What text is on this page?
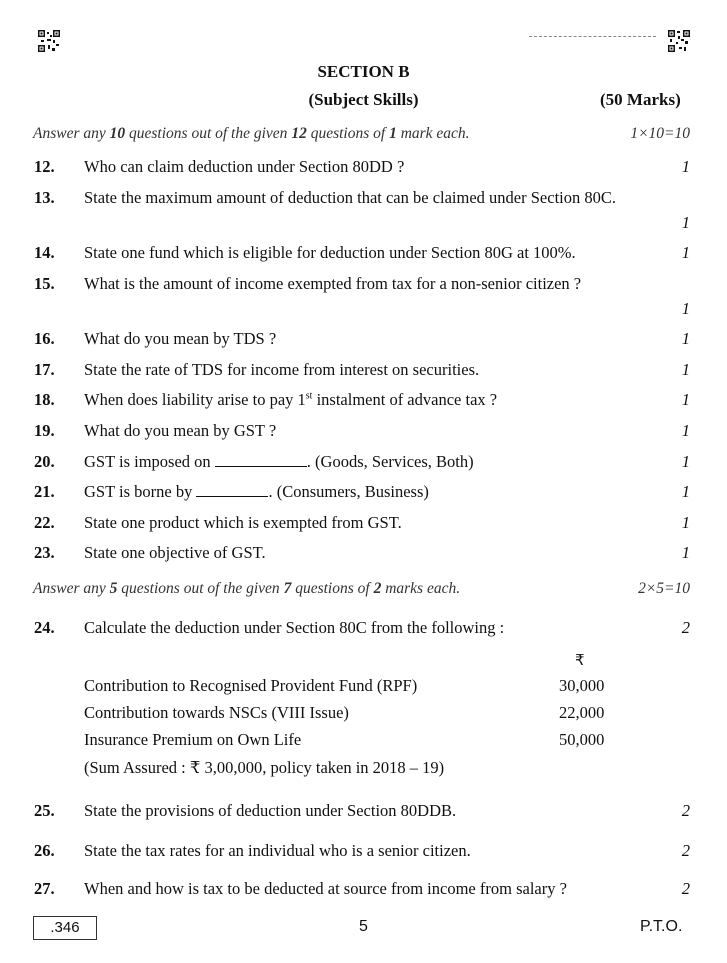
SECTION B
(Subject Skills)	(50 Marks)
Answer any 10 questions out of the given 12 questions of 1 mark each.	1×10=10
12. Who can claim deduction under Section 80DD ?	1
13. State the maximum amount of deduction that can be claimed under Section 80C.
1
14. State one fund which is eligible for deduction under Section 80G at 100%.	1
15. What is the amount of income exempted from tax for a non-senior citizen ?
1
16. What do you mean by TDS ?	1
17. State the rate of TDS for income from interest on securities.	1
18. When does liability arise to pay 1st instalment of advance tax ?	1
19. What do you mean by GST ?	1
20. GST is imposed on	. (Goods, Services, Both)	1
21. GST is borne by	. (Consumers, Business)	1
22. State one product which is exempted from GST.	1
23. State one objective of GST.	1
Answer any 5 questions out of the given 7 questions of 2 marks each.	2×5=10
24. Calculate the deduction under Section 80C from the following :	2
₹
Contribution to Recognised Provident Fund (RPF)	30,000
Contribution towards NSCs (VIII Issue)	22,000
Insurance Premium on Own Life	50,000
(Sum Assured : ₹ 3,00,000, policy taken in 2018 – 19)
25. State the provisions of deduction under Section 80DDB.	2
26. State the tax rates for an individual who is a senior citizen.	2
27. When and how is tax to be deducted at source from income from salary ?	2
.346	5	P.T.O.
